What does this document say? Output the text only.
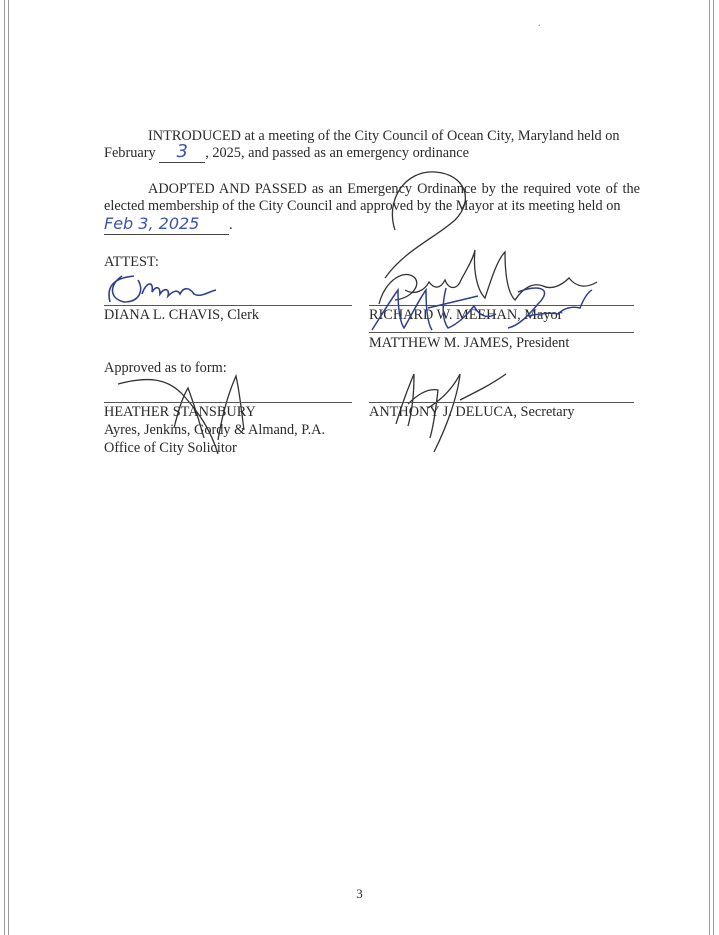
.
INTRODUCED at a meeting of the City Council of Ocean City, Maryland held on
February 3 , 2025, and passed as an emergency ordinance
ADOPTED AND PASSED as an Emergency Ordinance by the required vote of the elected membership of the City Council and approved by the Mayor at its meeting held on
Feb 3, 2025 .
ATTEST:
DIANA L. CHAVIS, Clerk	RICHARD W. MEEHAN, Mayor
Approved as to form:
MATTHEW M. JAMES, President
HEATHER STANSBURY
Ayres, Jenkins, Gordy & Almand, P.A.
Office of City Solicitor
ANTHONY J. DELUCA, Secretary
3
